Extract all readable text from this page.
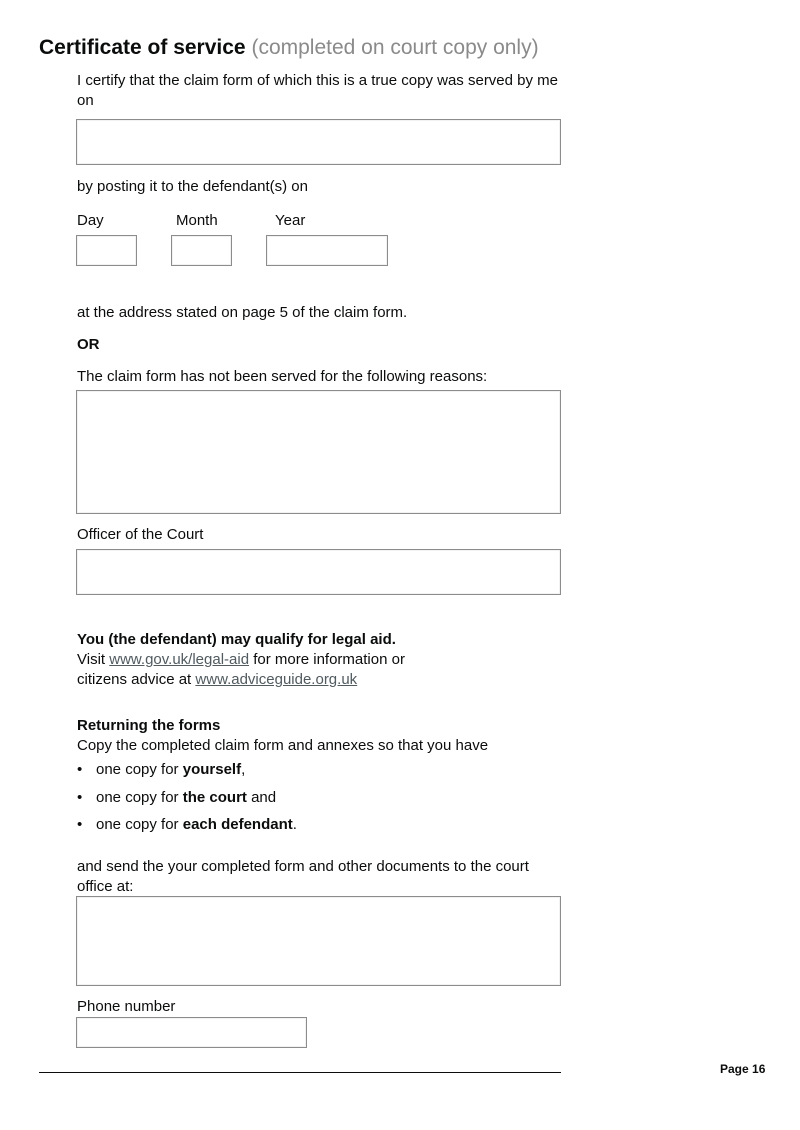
Certificate of service (completed on court copy only)
I certify that the claim form of which this is a true copy was served by me on
by posting it to the defendant(s) on
Day	Month	Year
at the address stated on page 5 of the claim form.
OR
The claim form has not been served for the following reasons:
Officer of the Court
You (the defendant) may qualify for legal aid.
Visit www.gov.uk/legal-aid for more information or
citizens advice at www.adviceguide.org.uk
Returning the forms
Copy the completed claim form and annexes so that you have
• one copy for yourself,
• one copy for the court and
• one copy for each defendant.
and send the your completed form and other documents to the court office at:
Phone number
Page 16
